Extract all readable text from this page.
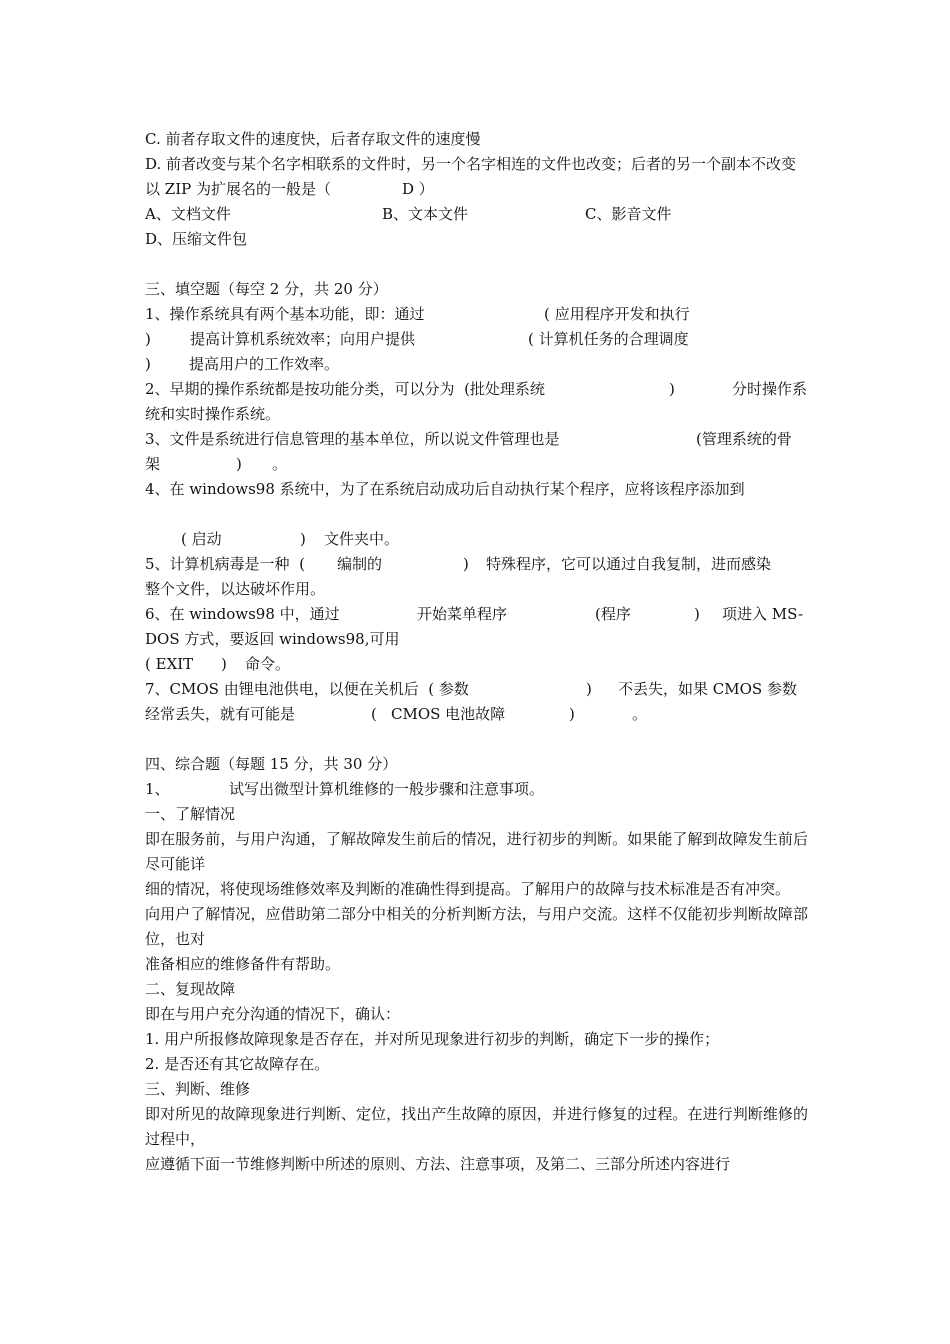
C. 前者存取文件的速度快，后者存取文件的速度慢
D. 前者改变与某个名字相联系的文件时，另一个名字相连的文件也改变；后者的另一个副本不改变
以 ZIP 为扩展名的一般是（	D ）
A、文档文件	B、文本文件	C、影音文件
D、压缩文件包
三、填空题（每空 2 分，共 20 分）
1、操作系统具有两个基本功能，即：通过	( 应用程序开发和执行
)	提高计算机系统效率；向用户提供	( 计算机任务的合理调度
)	提高用户的工作效率。
2、早期的操作系统都是按功能分类，可以分为  (批处理系统	)	分时操作系
统和实时操作系统。
3、文件是系统进行信息管理的基本单位，所以说文件管理也是	(管理系统的骨
架	) 。
4、在 windows98 系统中，为了在系统启动成功后自动执行某个程序，应将该程序添加到
( 启动	) 文件夹中。
5、计算机病毒是一种  ( 编制的	) 特殊程序，它可以通过自我复制，进而感染
整个文件，以达破坏作用。
6、在 windows98 中，通过	开始菜单程序	(程序	) 项进入 MS-
DOS 方式，要返回 windows98,可用
( EXIT ) 命令。
7、CMOS 由锂电池供电，以便在关机后  ( 参数	) 不丢失，如果 CMOS 参数
经常丢失，就有可能是	( CMOS 电池故障	)	。
四、综合题（每题 15 分，共 30 分）
1、	试写出微型计算机维修的一般步骤和注意事项。
一、了解情况
即在服务前，与用户沟通，了解故障发生前后的情况，进行初步的判断。如果能了解到故障发生前后尽可能详
细的情况，将使现场维修效率及判断的准确性得到提高。了解用户的故障与技术标准是否有冲突。
向用户了解情况，应借助第二部分中相关的分析判断方法，与用户交流。这样不仅能初步判断故障部位，也对
准备相应的维修备件有帮助。
二、复现故障
即在与用户充分沟通的情况下，确认：
1. 用户所报修故障现象是否存在，并对所见现象进行初步的判断，确定下一步的操作；
2. 是否还有其它故障存在。
三、判断、维修
即对所见的故障现象进行判断、定位，找出产生故障的原因，并进行修复的过程。在进行判断维修的过程中，
应遵循下面一节维修判断中所述的原则、方法、注意事项，及第二、三部分所述内容进行
